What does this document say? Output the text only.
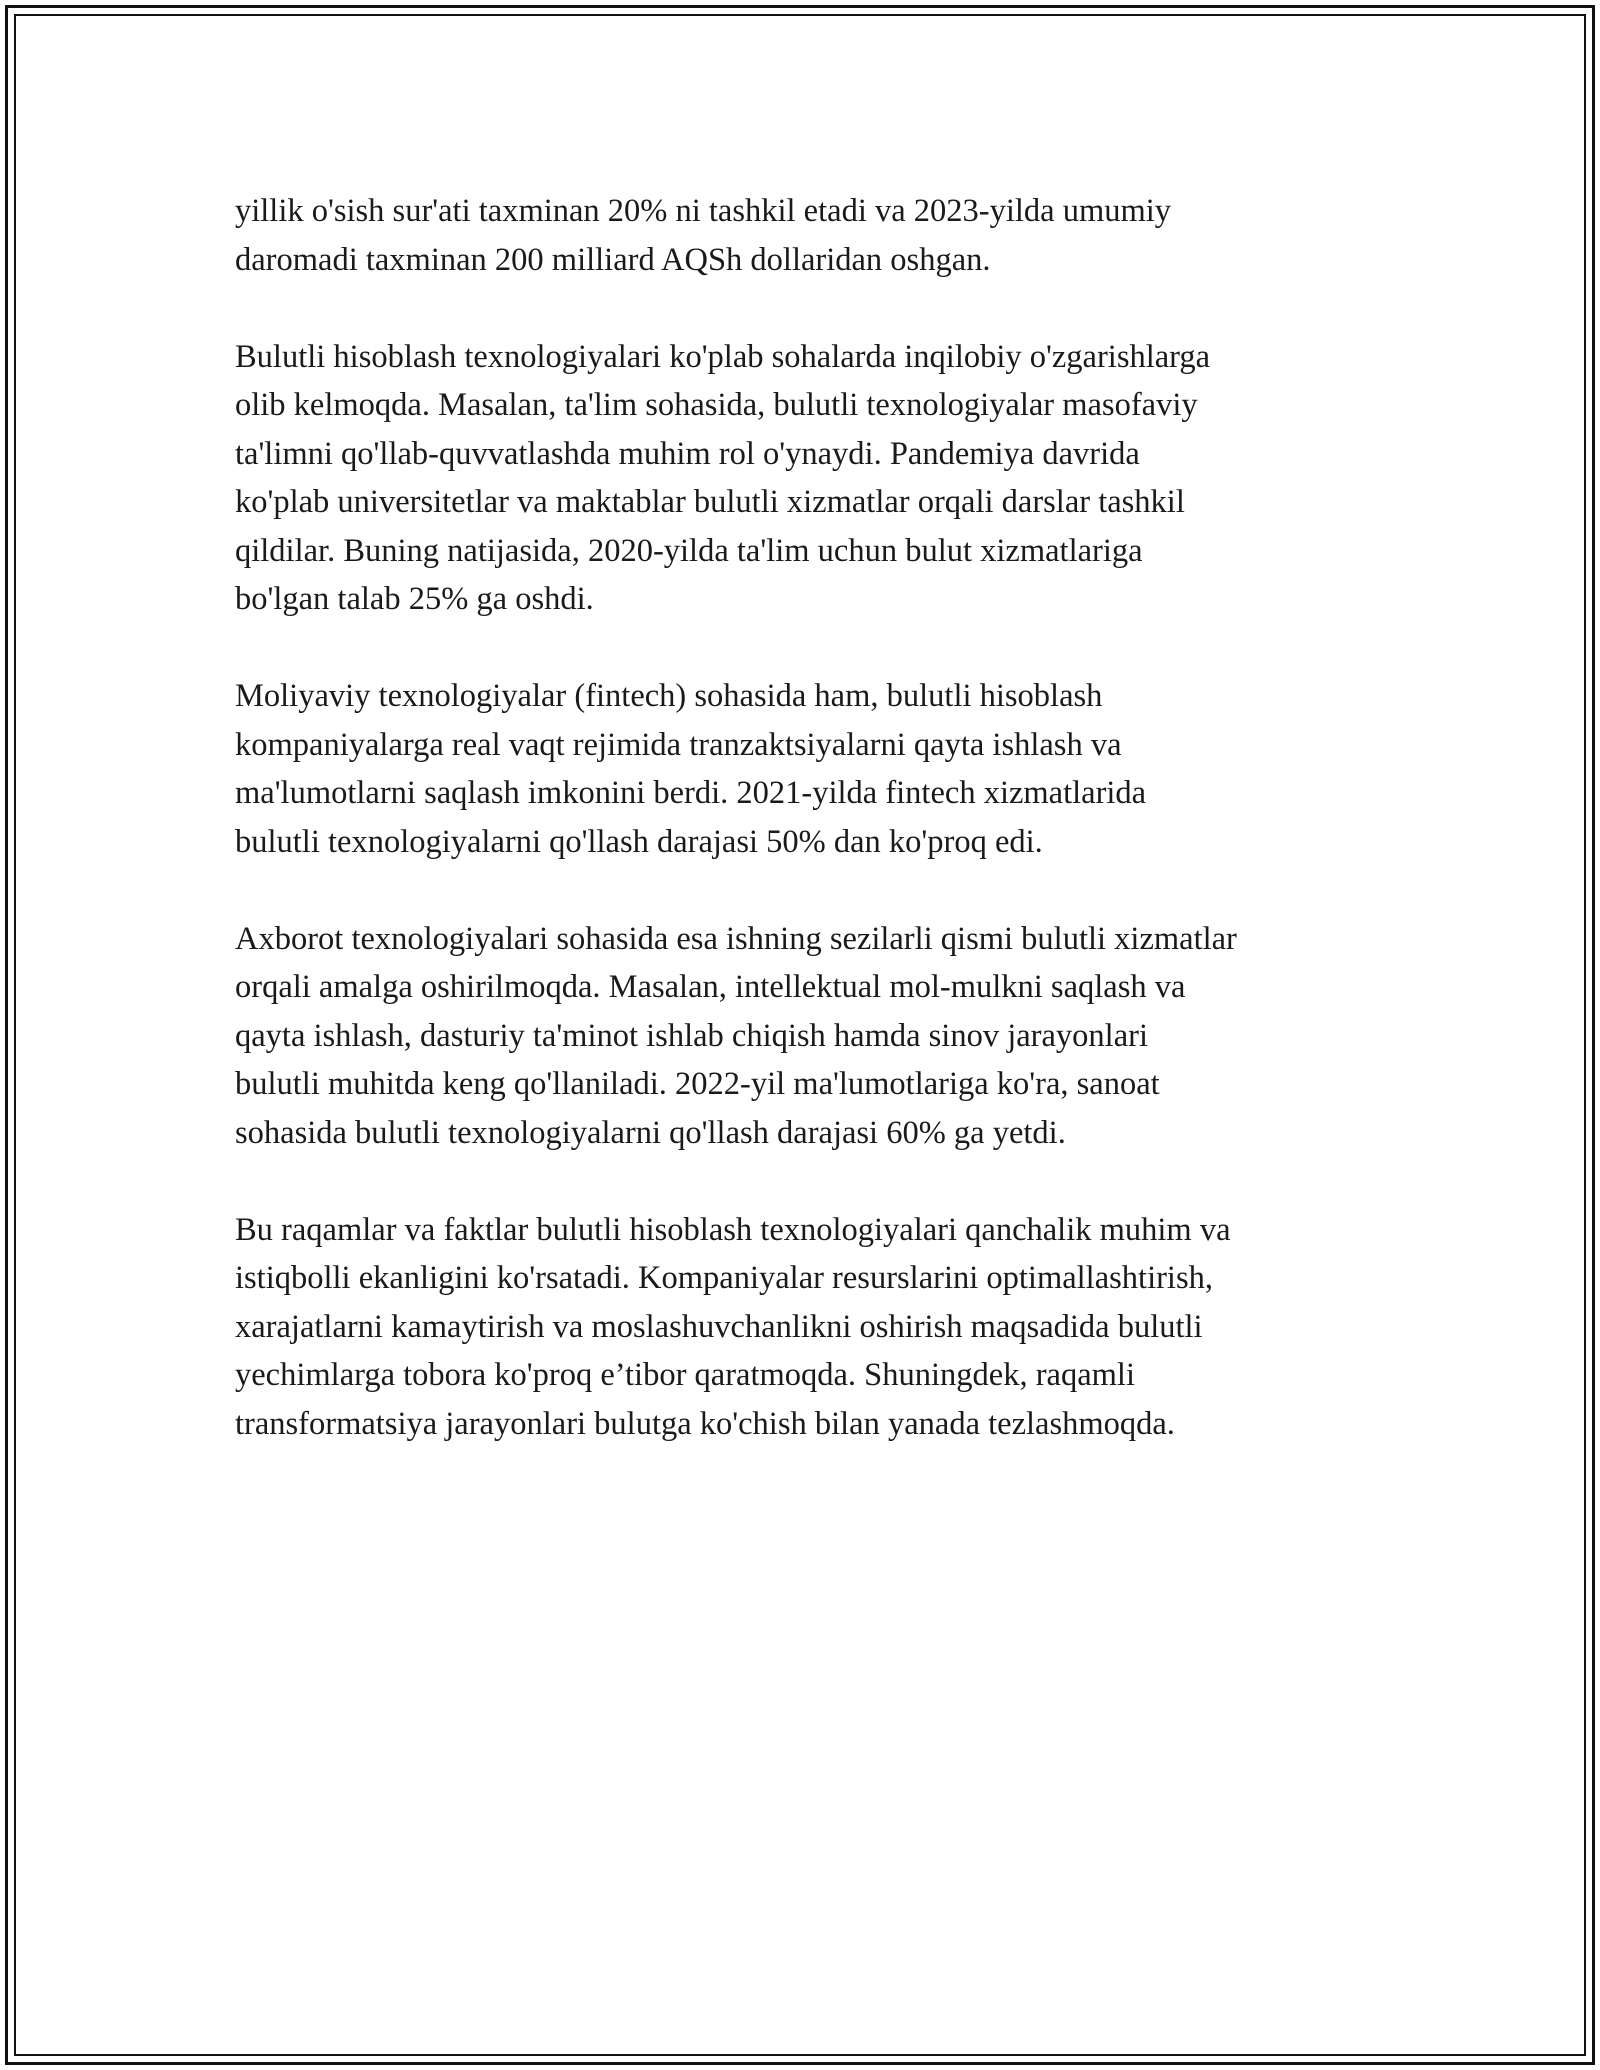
yillik o'sish sur'ati taxminan 20% ni tashkil etadi va 2023-yilda umumiy
daromadi taxminan 200 milliard AQSh dollaridan oshgan.

Bulutli hisoblash texnologiyalari ko'plab sohalarda inqilobiy o'zgarishlarga
olib kelmoqda. Masalan, ta'lim sohasida, bulutli texnologiyalar masofaviy
ta'limni qo'llab-quvvatlashda muhim rol o'ynaydi. Pandemiya davrida
ko'plab universitetlar va maktablar bulutli xizmatlar orqali darslar tashkil
qildilar. Buning natijasida, 2020-yilda ta'lim uchun bulut xizmatlariga
bo'lgan talab 25% ga oshdi.

Moliyaviy texnologiyalar (fintech) sohasida ham, bulutli hisoblash
kompaniyalarga real vaqt rejimida tranzaktsiyalarni qayta ishlash va
ma'lumotlarni saqlash imkonini berdi. 2021-yilda fintech xizmatlarida
bulutli texnologiyalarni qo'llash darajasi 50% dan ko'proq edi.

Axborot texnologiyalari sohasida esa ishning sezilarli qismi bulutli xizmatlar
orqali amalga oshirilmoqda. Masalan, intellektual mol-mulkni saqlash va
qayta ishlash, dasturiy ta'minot ishlab chiqish hamda sinov jarayonlari
bulutli muhitda keng qo'llaniladi. 2022-yil ma'lumotlariga ko'ra, sanoat
sohasida bulutli texnologiyalarni qo'llash darajasi 60% ga yetdi.

Bu raqamlar va faktlar bulutli hisoblash texnologiyalari qanchalik muhim va
istiqbolli ekanligini ko'rsatadi. Kompaniyalar resurslarini optimallashtirish,
xarajatlarni kamaytirish va moslashuvchanlikni oshirish maqsadida bulutli
yechimlarga tobora ko'proq e’tibor qaratmoqda. Shuningdek, raqamli
transformatsiya jarayonlari bulutga ko'chish bilan yanada tezlashmoqda.
